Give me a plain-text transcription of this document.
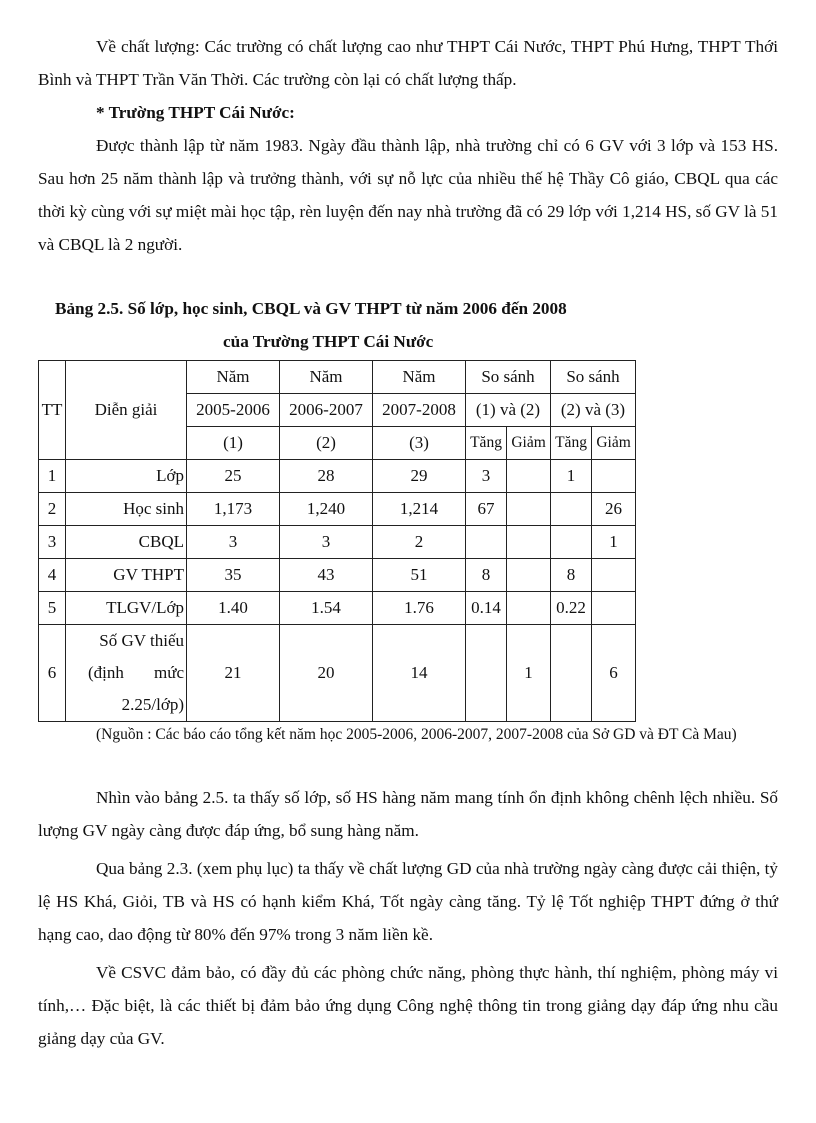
Về chất lượng: Các trường có chất lượng cao như THPT Cái Nước, THPT Phú Hưng, THPT Thới Bình và THPT Trần Văn Thời. Các trường còn lại có chất lượng thấp.

* Trường THPT Cái Nước:

Được thành lập từ năm 1983. Ngày đầu thành lập, nhà trường chỉ có 6 GV với 3 lớp và 153 HS. Sau hơn 25 năm thành lập và trưởng thành, với sự nỗ lực của nhiều thế hệ Thầy Cô giáo, CBQL qua các thời kỳ cùng với sự miệt mài học tập, rèn luyện đến nay nhà trường đã có 29 lớp với 1,214 HS, số GV là 51 và CBQL là 2 người.

Bảng 2.5. Số lớp, học sinh, CBQL và GV THPT từ năm 2006 đến 2008
của Trường THPT Cái Nước
TT	Diễn giải	Năm	Năm	Năm	So sánh		So sánh	
		2005-2006	2006-2007	2007-2008	(1) và (2)		(2) và (3)	
		(1)	(2)	(3)	Tăng	Giảm	Tăng	Giảm
1	Lớp	25	28	29	3		1	
2	Học sinh	1,173	1,240	1,214	67			26
3	CBQL	3	3	2				1
4	GV THPT	35	43	51	8		8	
5	TLGV/Lớp	1.40	1.54	1.76	0.14		0.22	
6	Số GV thiếu
(định mức
2.25/lớp)	21	20	14		1		6

(Nguồn : Các báo cáo tổng kết năm học 2005-2006, 2006-2007, 2007-2008 của Sở GD và ĐT Cà Mau)

Nhìn vào bảng 2.5. ta thấy số lớp, số HS hàng năm mang tính ổn định không chênh lệch nhiều. Số lượng GV ngày càng được đáp ứng, bổ sung hàng năm.

Qua bảng 2.3. (xem phụ lục) ta thấy về chất lượng GD của nhà trường ngày càng được cải thiện, tỷ lệ HS Khá, Giỏi, TB và HS có hạnh kiểm Khá, Tốt ngày càng tăng. Tỷ lệ Tốt nghiệp THPT đứng ở thứ hạng cao, dao động từ 80% đến 97% trong 3 năm liền kề.

Về CSVC đảm bảo, có đầy đủ các phòng chức năng, phòng thực hành, thí nghiệm, phòng máy vi tính,… Đặc biệt, là các thiết bị đảm bảo ứng dụng Công nghệ thông tin trong giảng dạy đáp ứng nhu cầu giảng dạy của GV.
